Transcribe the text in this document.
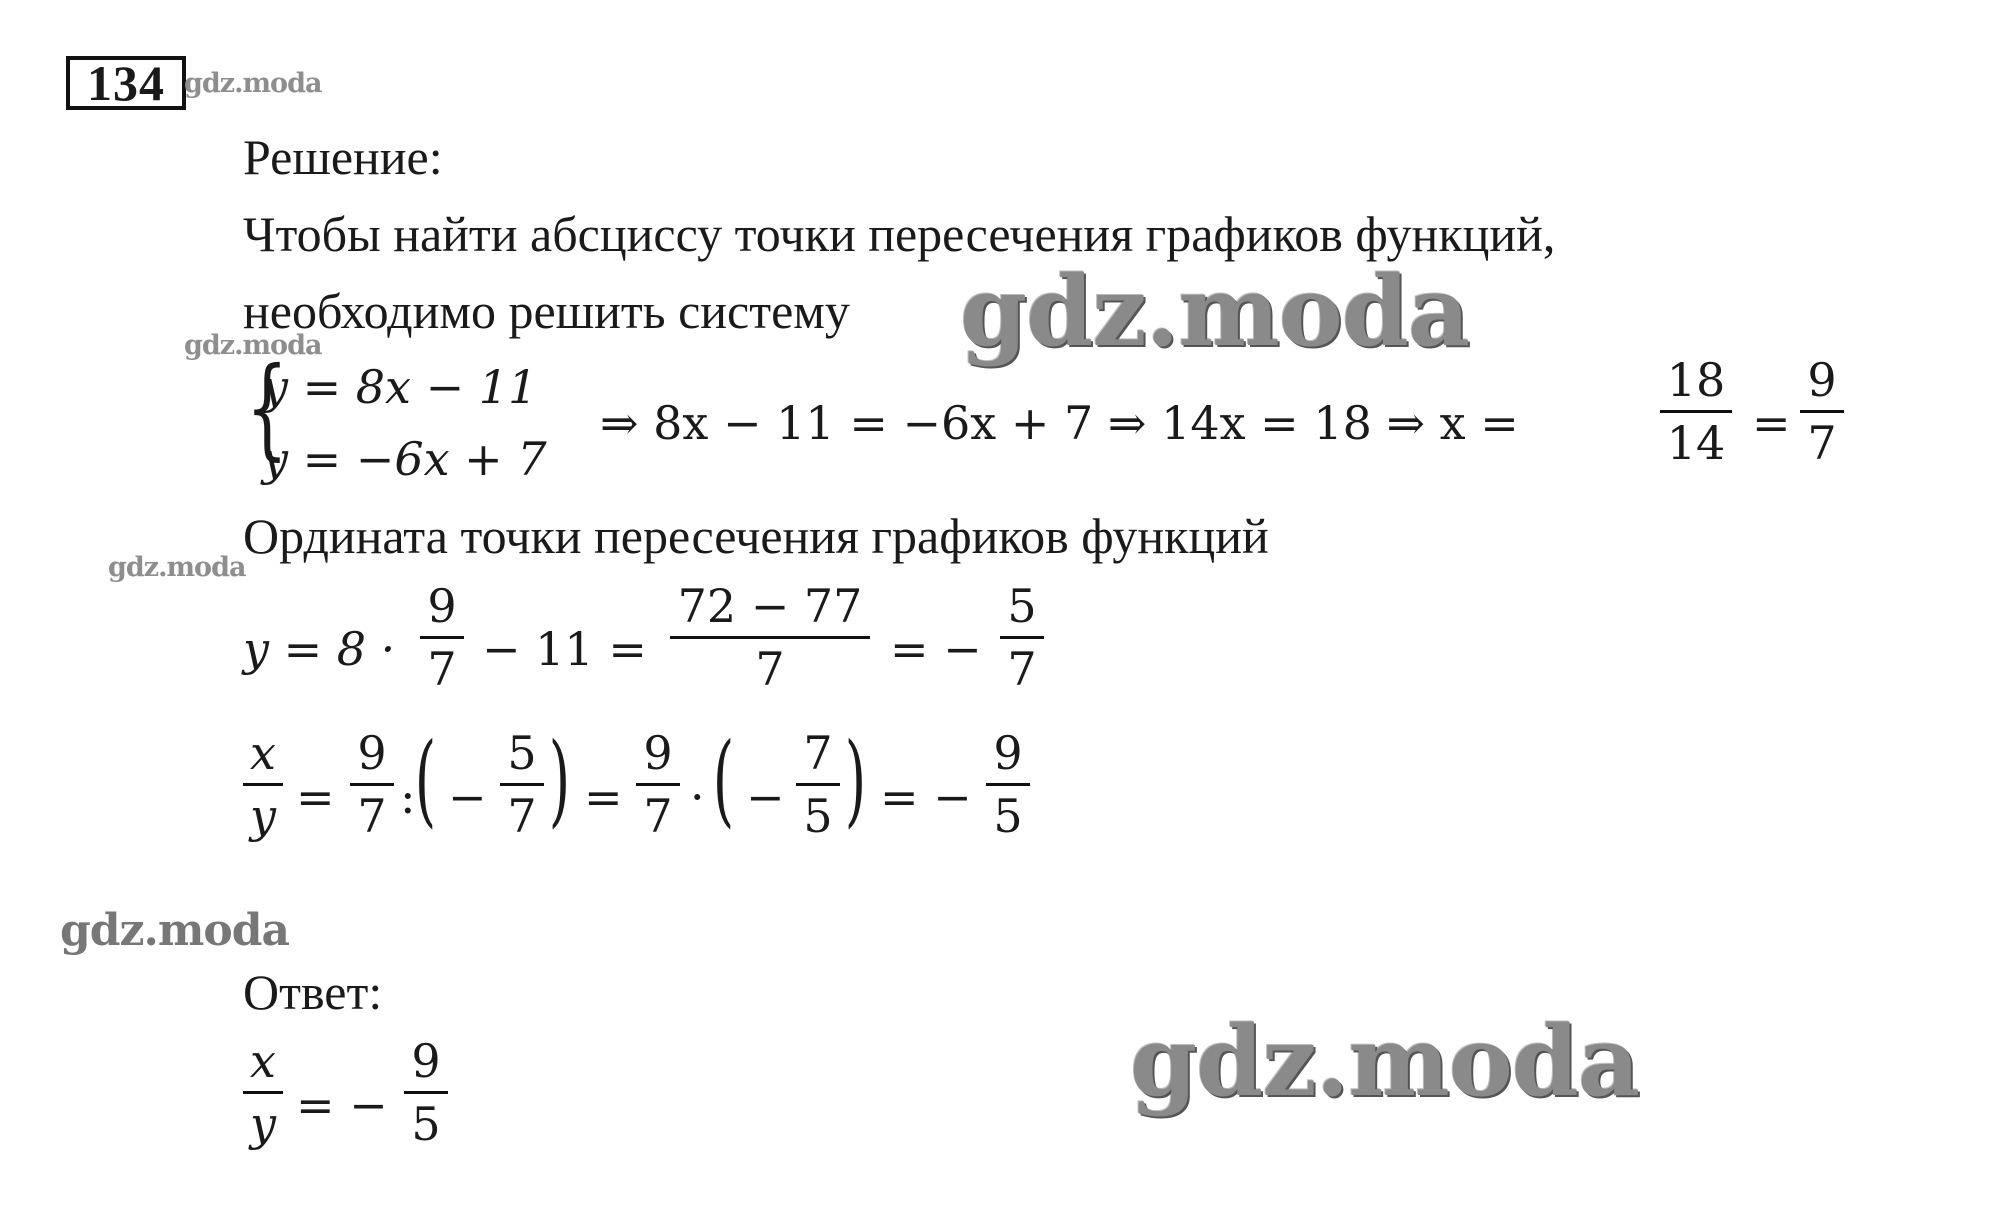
134 gdz.moda
Решение:
Чтобы найти абсциссу точки пересечения графиков функций,
необходимо решить систему gdz.moda
gdz.moda
{
y = 8x − 11
y = −6x + 7
⇒ 8x − 11 = −6x + 7 ⇒ 14x = 18 ⇒ x =
18
14 =
9
7
Ордината точки пересечения графиков функций
gdz.moda
y = 8 ·
9
7 − 11 =
72 − 77
7	= −
5
7
x
y =
9
7 : ( −
5
7 ) =
9
7 · ( −
7
5 ) = −
9
5
gdz.moda
Ответ:
x
y = −
9
5
gdz.moda
